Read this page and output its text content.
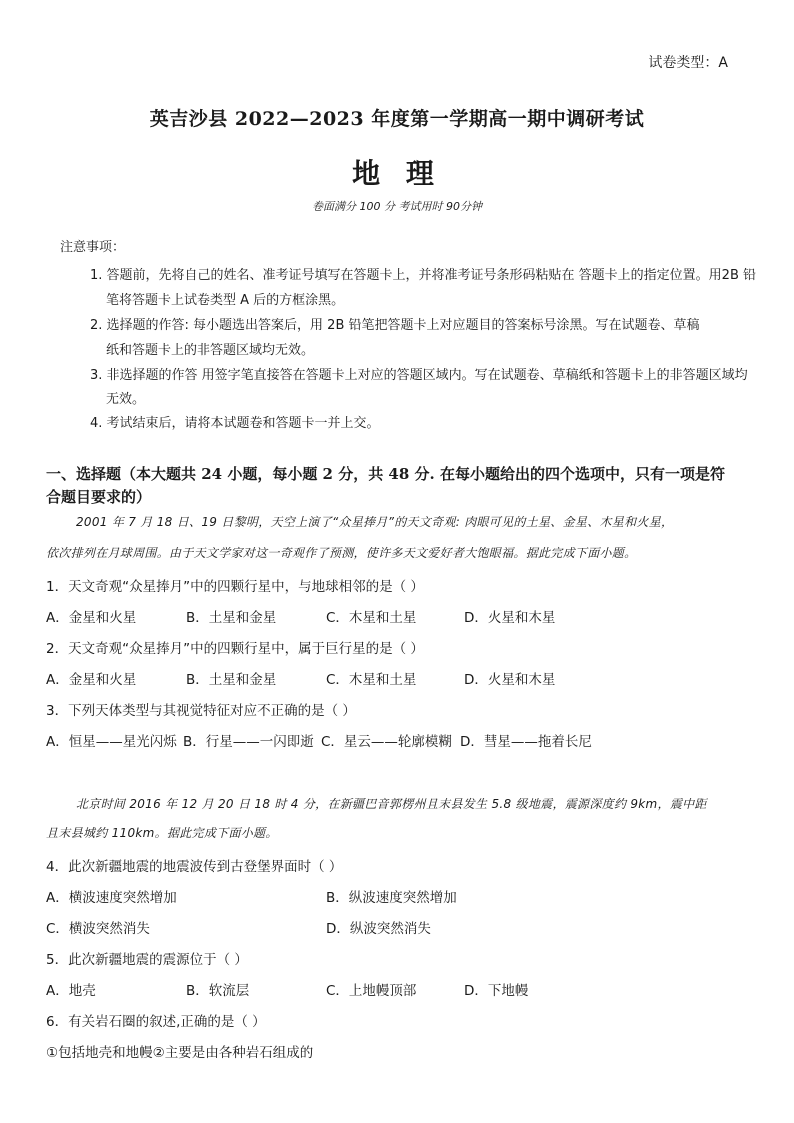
试卷类型：A
英吉沙县 2022—2023 年度第一学期高一期中调研考试
地 理
卷面满分 100 分 考试用时 90分钟
注意事项：
1. 答题前，先将自己的姓名、准考证号填写在答题卡上，并将准考证号条形码粘贴在 答题卡上的指定位置。用2B 铅
笔将答题卡上试卷类型 A 后的方框涂黑。
2. 选择题的作答: 每小题选出答案后，用 2B 铅笔把答题卡上对应题目的答案标号涂黑。写在试题卷、草稿
纸和答题卡上的非答题区域均无效。
3. 非选择题的作答 用签字笔直接答在答题卡上对应的答题区域内。写在试题卷、草稿纸和答题卡上的非答题区域均
无效。
4. 考试结束后，请将本试题卷和答题卡一并上交。
一、选择题（本大题共 24 小题，每小题 2 分，共 48 分. 在每小题给出的四个选项中，只有一项是符
合题目要求的）
2001 年 7 月 18 日、19 日黎明，天空上演了“众星捧月”的天文奇观: 肉眼可见的土星、金星、木星和火星，
依次排列在月球周围。由于天文学家对这一奇观作了预测，使许多天文爱好者大饱眼福。据此完成下面小题。
1．天文奇观“众星捧月”中的四颗行星中，与地球相邻的是（ ）
A．金星和火星	B．土星和金星	C．木星和土星	D．火星和木星
2．天文奇观“众星捧月”中的四颗行星中，属于巨行星的是（ ）
A．金星和火星	B．土星和金星	C．木星和土星	D．火星和木星
3．下列天体类型与其视觉特征对应不正确的是（ ）
A．恒星——星光闪烁 B．行星——一闪即逝 C．星云——轮廓模糊 D．彗星——拖着长尼
北京时间 2016 年 12 月 20 日 18 时 4 分，在新疆巴音郭楞州且末县发生 5.8 级地震，震源深度约 9km，震中距
且末县城约 110km。据此完成下面小题。
4．此次新疆地震的地震波传到古登堡界面时（ ）
A．横波速度突然增加	B．纵波速度突然增加
C．横波突然消失	D．纵波突然消失
5．此次新疆地震的震源位于（ ）
A．地壳	B．软流层	C．上地幔顶部	D．下地幔
6．有关岩石圈的叙述,正确的是（ ）
①包括地壳和地幔②主要是由各种岩石组成的
